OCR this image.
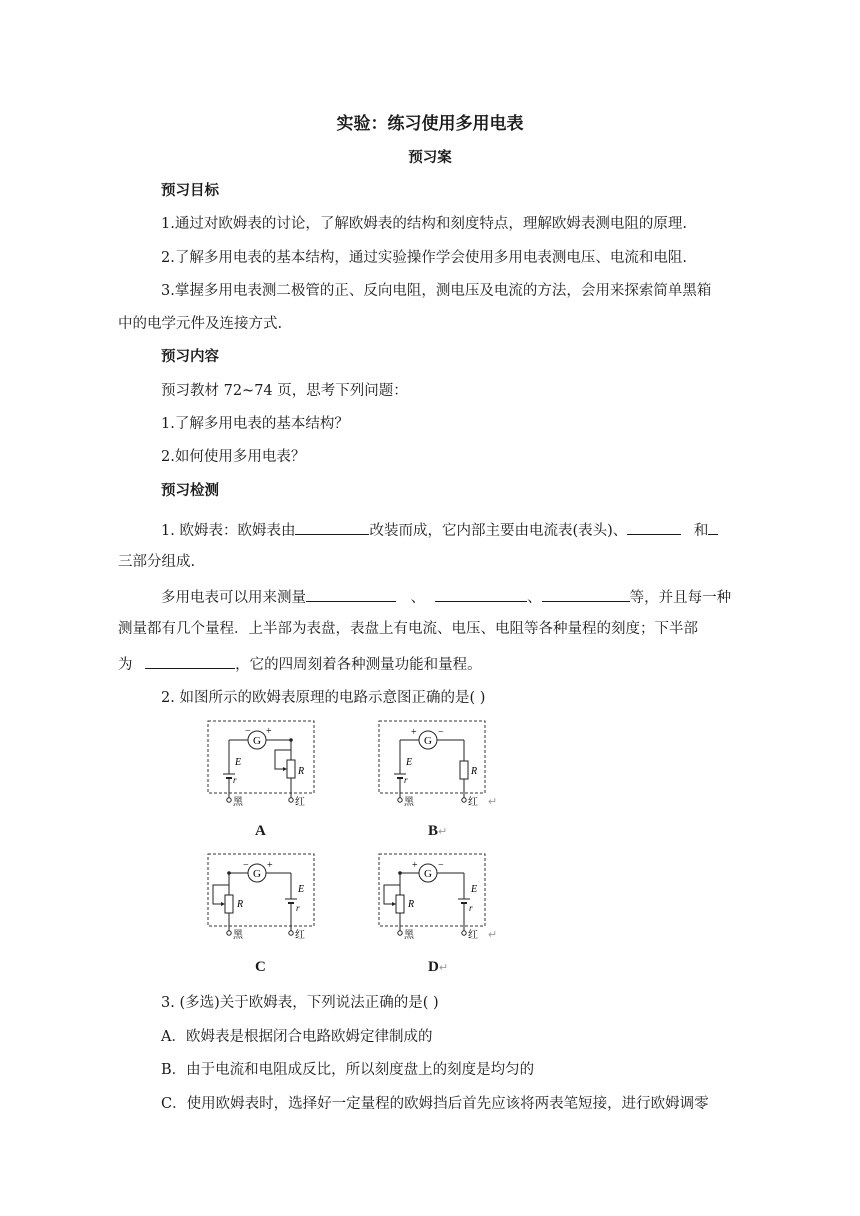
实验：练习使用多用电表
预习案
预习目标
1.通过对欧姆表的讨论，了解欧姆表的结构和刻度特点，理解欧姆表测电阻的原理.
2.了解多用电表的基本结构，通过实验操作学会使用多用电表测电压、电流和电阻.
3.掌握多用电表测二极管的正、反向电阻，测电压及电流的方法，会用来探索简单黑箱
中的电学元件及连接方式.
预习内容
预习教材 72~74 页，思考下列问题：
1.了解多用电表的基本结构？
2.如何使用多用电表？
预习检测
1. 欧姆表：欧姆表由	改装而成，它内部主要由电流表(表头)、	和
三部分组成.
多用电表可以用来测量	、	、	等，并且每一种
测量都有几个量程．上半部为表盘，表盘上有电流、电压、电阻等各种量程的刻度；下半部
为	，它的四周刻着各种测量功能和量程。
2. 如图所示的欧姆表原理的电路示意图正确的是( )
G
− +
E
r
R
黑	红
A
G
+ −
E
r
R
黑	红 ↵
B↵
G
− +
R
E
r
黑	红
C
G
+ −
R
E
r
黑	红 ↵
D↵
3. (多选)关于欧姆表，下列说法正确的是( )
A．欧姆表是根据闭合电路欧姆定律制成的
B．由于电流和电阻成反比，所以刻度盘上的刻度是均匀的
C．使用欧姆表时，选择好一定量程的欧姆挡后首先应该将两表笔短接，进行欧姆调零
